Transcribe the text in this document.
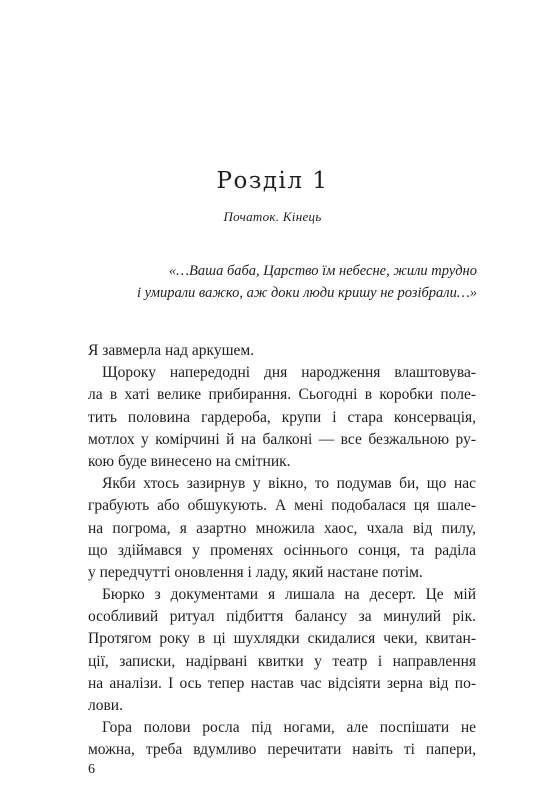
Розділ 1
Початок. Кінець
«…Ваша баба, Царство їм небесне, жили трудно
і умирали важко, аж доки люди кришу не розібрали…»
Я завмерла над аркушем.
Щороку напередодні дня народження влаштовува-
ла в хаті велике прибирання. Сьогодні в коробки поле-
тить половина гардероба, крупи і стара консервація,
мотлох у комірчині й на балконі — все безжальною ру-
кою буде винесено на смітник.
Якби хтось зазирнув у вікно, то подумав би, що нас
грабують або обшукують. А мені подобалася ця шале-
на погрома, я азартно множила хаос, чхала від пилу,
що здіймався у променях осіннього сонця, та раділа
у передчутті оновлення і ладу, який настане потім.
Бюрко з документами я лишала на десерт. Це мій
особливий ритуал підбиття балансу за минулий рік.
Протягом року в ці шухлядки скидалися чеки, квитан-
ції, записки, надірвані квитки у театр і направлення
на аналізи. І ось тепер настав час відсіяти зерна від по-
лови.
Гора полови росла під ногами, але поспішати не
можна, треба вдумливо перечитати навіть ті папери,
6
